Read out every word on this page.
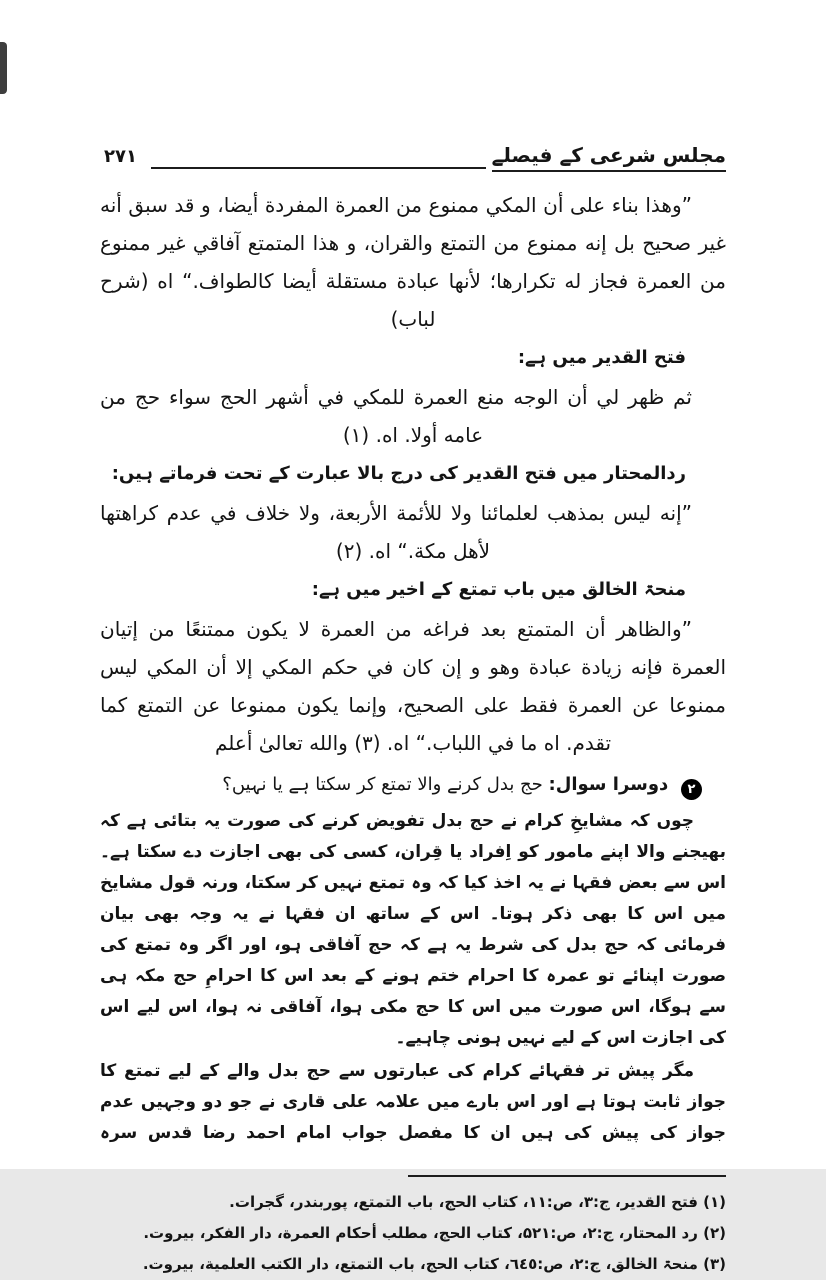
مجلس شرعی کے فیصلے
۲۷۱

”وهذا بناء على أن المكي ممنوع من العمرة المفردة أيضا، و قد سبق أنه غير صحيح بل إنه ممنوع من التمتع والقران، و هذا المتمتع آفاقي غير ممنوع من العمرة فجاز له تكرارها؛ لأنها عبادة مستقلة أيضا كالطواف.“ اه (شرح لباب)

فتح القدیر میں ہے:

ثم ظهر لي أن الوجه منع العمرة للمكي في أشهر الحج سواء حج من عامه أولا. اه. (۱)

ردالمحتار میں فتح القدیر کی درج بالا عبارت کے تحت فرماتے ہیں:

”إنه ليس بمذهب لعلمائنا ولا للأئمة الأربعة، ولا خلاف في عدم كراهتها لأهل مكة.“ اه. (۲)

منحۃ الخالق میں باب تمتع کے اخیر میں ہے:

”والظاهر أن المتمتع بعد فراغه من العمرة لا يكون ممتنعًا من إتيان العمرة فإنه زيادة عبادة وهو و إن كان في حكم المكي إلا أن المكي ليس ممنوعا عن العمرة فقط على الصحيح، وإنما يكون ممنوعا عن التمتع كما تقدم. اه ما في اللباب.“ اه. (۳) والله تعالیٰ أعلم

۲ دوسرا سوال: حج بدل کرنے والا تمتع کر سکتا ہے یا نہیں؟

چوں کہ مشایخِ کرام نے حج بدل تفویض کرنے کی صورت یہ بتائی ہے کہ بھیجنے والا اپنے مامور کو اِفراد یا قِران، کسی کی بھی اجازت دے سکتا ہے۔ اس سے بعض فقہا نے یہ اخذ کیا کہ وہ تمتع نہیں کر سکتا، ورنہ قول مشایخ میں اس کا بھی ذکر ہوتا۔ اس کے ساتھ ان فقہا نے یہ وجہ بھی بیان فرمائی کہ حج بدل کی شرط یہ ہے کہ حج آفاقی ہو، اور اگر وہ تمتع کی صورت اپنائے تو عمرہ کا احرام ختم ہونے کے بعد اس کا احرامِ حج مکہ ہی سے ہوگا، اس صورت میں اس کا حج مکی ہوا، آفاقی نہ ہوا، اس لیے اس کی اجازت اس کے لیے نہیں ہونی چاہیے۔

مگر پیش تر فقہائے کرام کی عبارتوں سے حج بدل والے کے لیے تمتع کا جواز ثابت ہوتا ہے اور اس بارے میں علامہ علی قاری نے جو دو وجہیں عدم جواز کی پیش کی ہیں ان کا مفصل جواب امام احمد رضا قدس سرہ

(۱) فتح القدیر، ج:۳، ص:۱۱، کتاب الحج، باب التمتع، پوربندر، گجرات.
(۲) رد المحتار، ج:۲، ص:۵۲۱، کتاب الحج، مطلب أحکام العمرة، دار الفکر، بیروت.
(۳) منحۃ الخالق، ج:۲، ص:٦٤٥، کتاب الحج، باب التمتع، دار الکتب العلمیة، بیروت.
